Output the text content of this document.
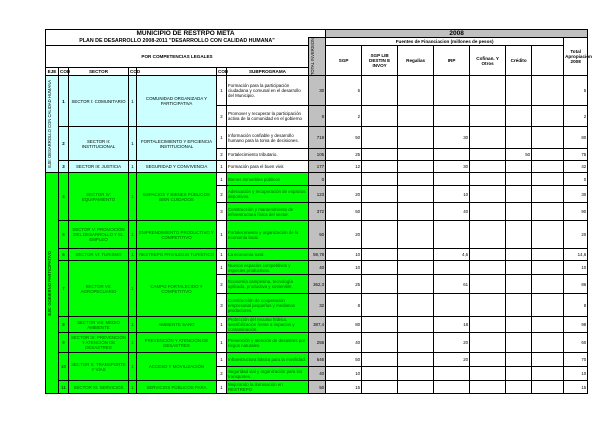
MUNICIPIO DE RESTRPO META								2008							
PLAN DE DESARROLLO 2008-2011 "DESARROLLO CON CALIDAD HUMANA"							TOTAL INVERSION	Fuentes de Financiacion (millones de pesos)							Total Apropiacion 2008
POR COMPETENCIAS LEGALES								SGP	SGP LIB DESTIN E INVOY	Regalías	IRP	Cofinan. Y Otros	Crédito		
EJE	COD	SECTOR	COD		COD	SUBPROGRAMA									

EJE: DESARROLLO CON CALIDAD HUMANA	1	SECTOR I: COMUNITARIO	1	COMUNIDAD ORGANIZADA Y PARTICIPATIVA	1	Formación para la participación ciudadana y comunal en el desarrollo del Municipio.	30	5							5
					2	Promover y recuperar la participación activa de la comunidad en el gobierno	8	2							2
	2	SECTOR II: INSTITUCIONAL	1	FORTALECIMIENTO Y EFICIENCIA INSTITUCIONAL	1	Información confiable y desarrollo humano para la toma de decisiones.	719	50			30				80
					2	Fortalecimiento tributario.	105	25					50		75
	3	SECTOR III: JUSTICIA	1	SEGURIDAD Y CONVIVENCIA	1	Formación para el buen vivir.	177	12			30				42

EJE: GOBIERNO PARTICIPATIVO	4	SECTOR IV: EQUIPAMIENTO	1	ESPACIOS Y BIENES PÚBLICOS BIEN CUIDADOS	1	Bienes inmuebles públicos	0								0
					2	Adecuación y recuperación de espacios deportivos.	123	20			10				30
					3	Construcción y mantenimiento de infraestructura física del sector.	372	50			40				90
	5	SECTOR V: PROMOCIÓN DEL DESARROLLO Y EL EMPLEO	1	EMPRENDIMIENTO PRODUCTIVO Y COMPETITIVO	1	Fortalecimiento y organización de la economía local.	50	20							20
	6	SECTOR VI: TURISMO	1	RESTREPO PRIVILEGIO TURÍSTICO	1	La economía rural.	59,78	10			4,6				14,6
	7	SECTOR VII: AGROPECUARIO	1	CAMPO FORTALECIDO Y COMPETITIVO	1	Nuevos espacios competitivos y especies productivas.	40	10							10
					2	Economía campesina, tecnología aplicada, productiva y sostenible.	362,3	25			61				86
					3	Construcción de cooperación empresarial pequeños y medianos productores.	32	8							8
	8	SECTOR VIII: MEDIO AMBIENTE	1	AMBIENTE SANO	1	Protección del recurso hídrico, sensibilización frente a impactos y contaminación.	387,4	80			18				98
	9	SECTOR IX: PREVENCIÓN Y ATENCIÓN DE DESASTRES	1	PREVENCIÓN Y ATENCIÓN DE DESASTRES	1	Prevención y atención de desastres por riegos naturales.	256	40			20				60
	10	SECTOR X: TRANSPORTE Y VÍAS	1	ACCESO Y MOVILIZACIÓN	1	Infraestructura básica para la movilidad.	646	50			20				70
					2	Seguridad vial y organización para los transportes.	40	10							10
	11	SECTOR XI: SERVICIOS	1	SERVICIOS PÚBLICOS PARA	1	Mejorando la iluminación en RESTREPO	50	15							15
